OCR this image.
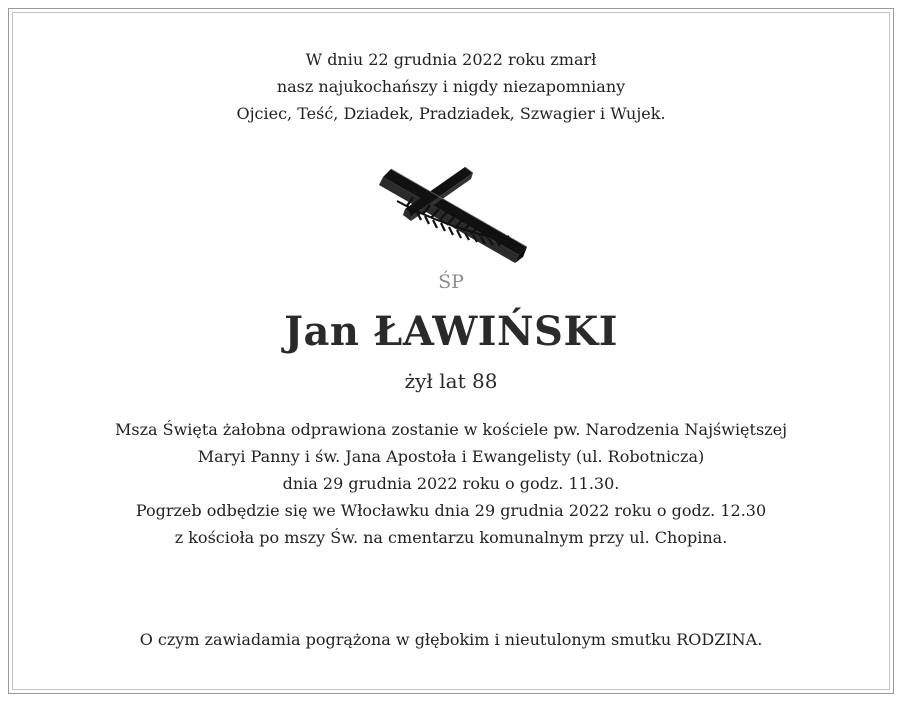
W dniu 22 grudnia 2022 roku zmarł
nasz najukochańszy i nigdy niezapomniany
Ojciec, Teść, Dziadek, Pradziadek, Szwagier i Wujek.
ŚP
Jan ŁAWIŃSKI
żył lat 88
Msza Święta żałobna odprawiona zostanie w kościele pw. Narodzenia Najświętszej
Maryi Panny i św. Jana Apostoła i Ewangelisty (ul. Robotnicza)
dnia 29 grudnia 2022 roku o godz. 11.30.
Pogrzeb odbędzie się we Włocławku dnia 29 grudnia 2022 roku o godz. 12.30
z kościoła po mszy Św. na cmentarzu komunalnym przy ul. Chopina.
O czym zawiadamia pogrążona w głębokim i nieutulonym smutku RODZINA.
